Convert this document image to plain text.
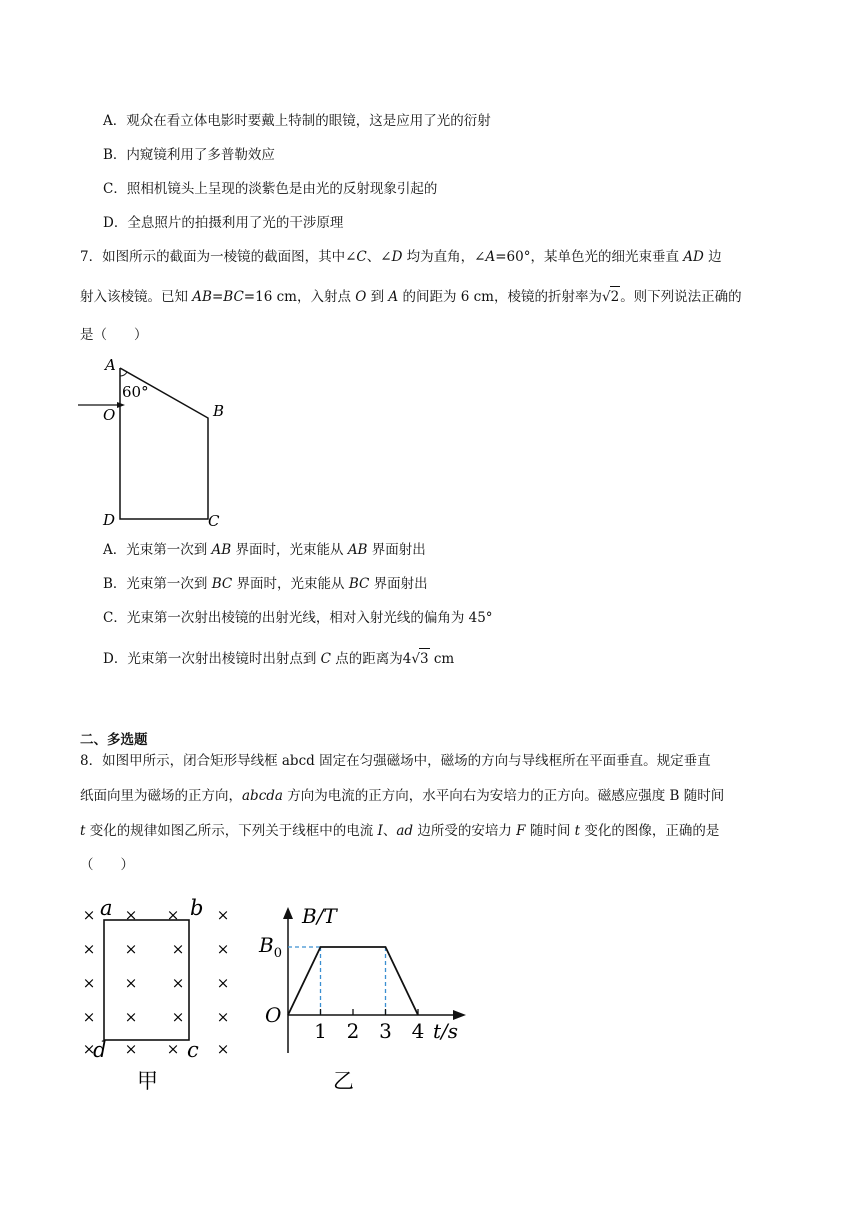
A．观众在看立体电影时要戴上特制的眼镜，这是应用了光的衍射
B．内窥镜利用了多普勒效应
C．照相机镜头上呈现的淡紫色是由光的反射现象引起的
D．全息照片的拍摄利用了光的干涉原理
7．如图所示的截面为一棱镜的截面图，其中∠C、∠D 均为直角，∠A=60°，某单色光的细光束垂直 AD 边
射入该棱镜。已知 AB=BC=16 cm，入射点 O 到 A 的间距为 6 cm，棱镜的折射率为√2。则下列说法正确的
是（　　）
A
60°
O	B
D	C
A．光束第一次到 AB 界面时，光束能从 AB 界面射出
B．光束第一次到 BC 界面时，光束能从 BC 界面射出
C．光束第一次射出棱镜的出射光线，相对入射光线的偏角为 45°
D．光束第一次射出棱镜时出射点到 C 点的距离为4√3 cm
二、多选题
8．如图甲所示，闭合矩形导线框 abcd 固定在匀强磁场中，磁场的方向与导线框所在平面垂直。规定垂直
纸面向里为磁场的正方向，abcda 方向为电流的正方向，水平向右为安培力的正方向。磁感应强度 B 随时间
t 变化的规律如图乙所示，下列关于线框中的电流 I、ad 边所受的安培力 F 随时间 t 变化的图像，正确的是
（　　）
a	b
d	c
× × × ×
× × × ×
× × × ×
× × × ×
× × × ×
甲
B/T
$B_0$
O
1 2 3 4 t/s
乙
